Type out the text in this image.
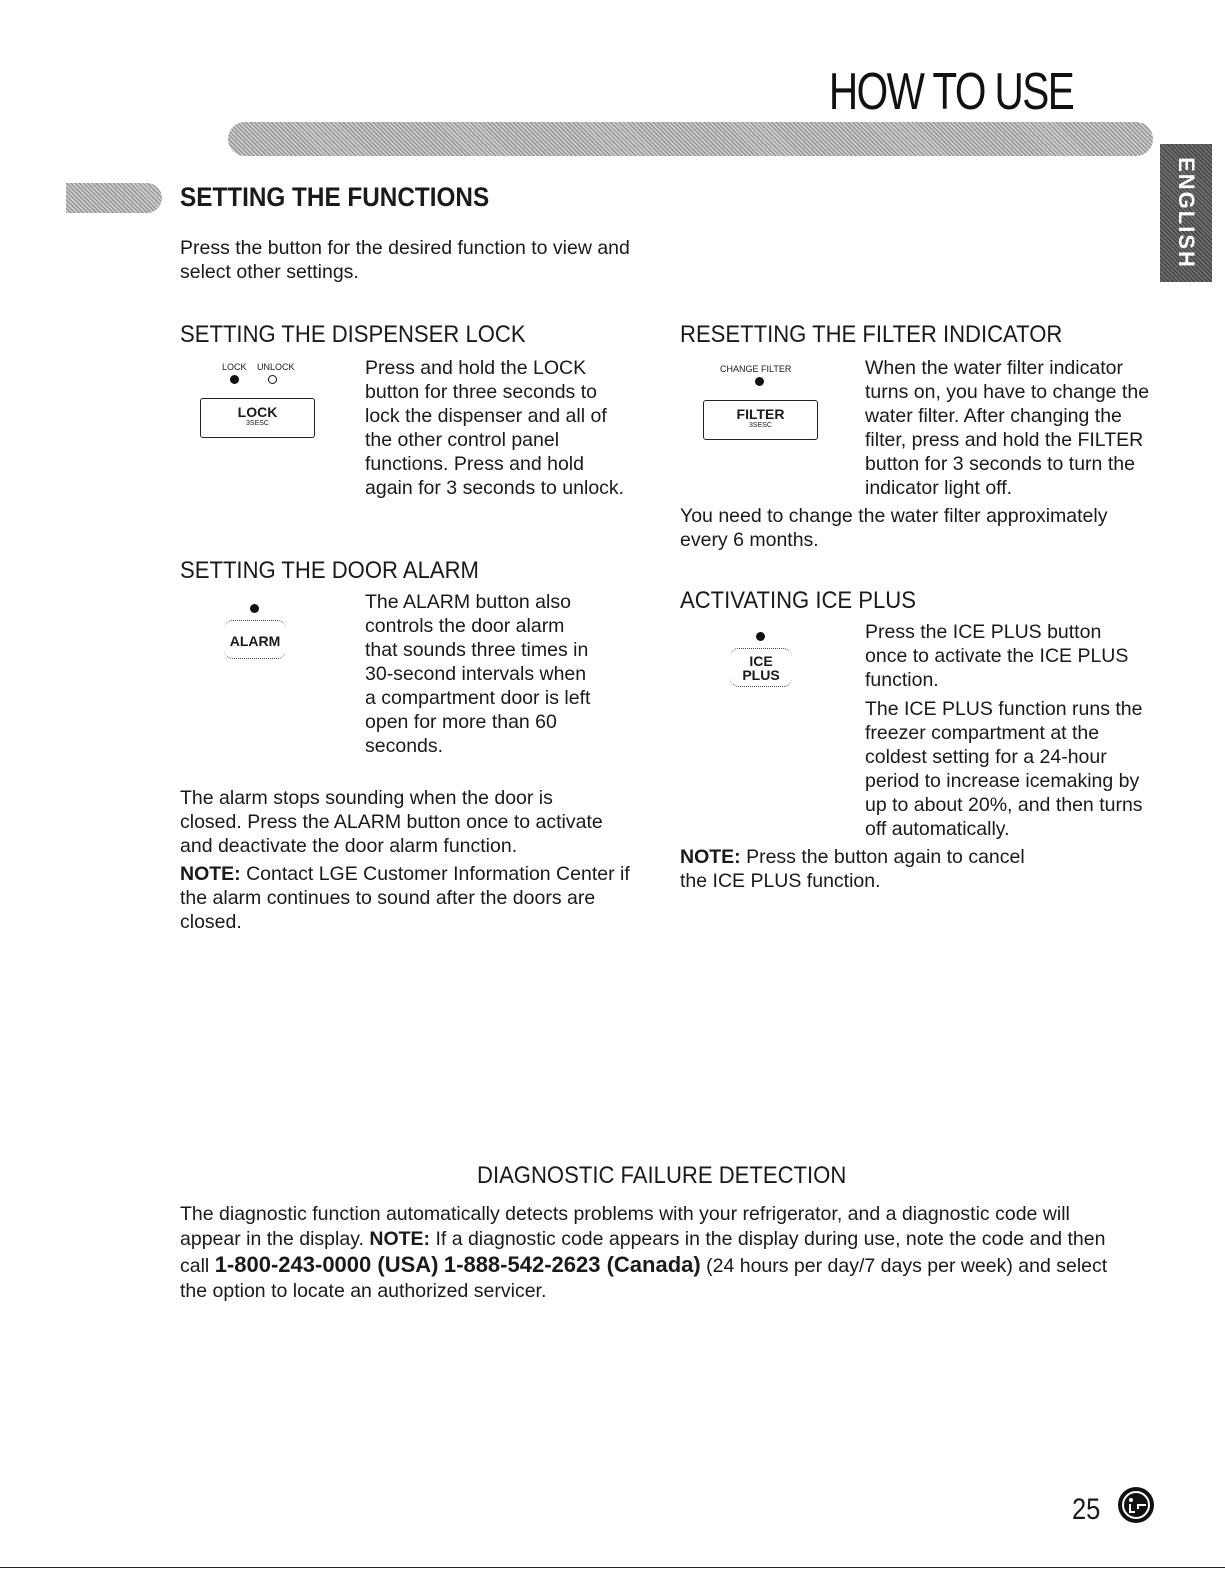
HOW TO USE
ENGLISH
SETTING THE FUNCTIONS
Press the button for the desired function to view and select other settings.
SETTING THE DISPENSER LOCK
LOCK UNLOCK
LOCK
3SESC
Press and hold the LOCK button for three seconds to lock the dispenser and all of the other control panel functions. Press and hold again for 3 seconds to unlock.
SETTING THE DOOR ALARM
ALARM
The ALARM button also controls the door alarm that sounds three times in 30-second intervals when a compartment door is left open for more than 60 seconds.
The alarm stops sounding when the door is closed. Press the ALARM button once to activate and deactivate the door alarm function.
NOTE: Contact LGE Customer Information Center if the alarm continues to sound after the doors are closed.
RESETTING THE FILTER INDICATOR
CHANGE FILTER
FILTER
3SESC
When the water filter indicator turns on, you have to change the water filter. After changing the filter, press and hold the FILTER button for 3 seconds to turn the indicator light off.
You need to change the water filter approximately every 6 months.
ACTIVATING ICE PLUS
ICE
PLUS
Press the ICE PLUS button once to activate the ICE PLUS function.
The ICE PLUS function runs the freezer compartment at the coldest setting for a 24-hour period to increase icemaking by up to about 20%, and then turns off automatically.
NOTE: Press the button again to cancel the ICE PLUS function.
DIAGNOSTIC FAILURE DETECTION
The diagnostic function automatically detects problems with your refrigerator, and a diagnostic code will appear in the display. NOTE: If a diagnostic code appears in the display during use, note the code and then call 1-800-243-0000 (USA) 1-888-542-2623 (Canada) (24 hours per day/7 days per week) and select the option to locate an authorized servicer.
25
